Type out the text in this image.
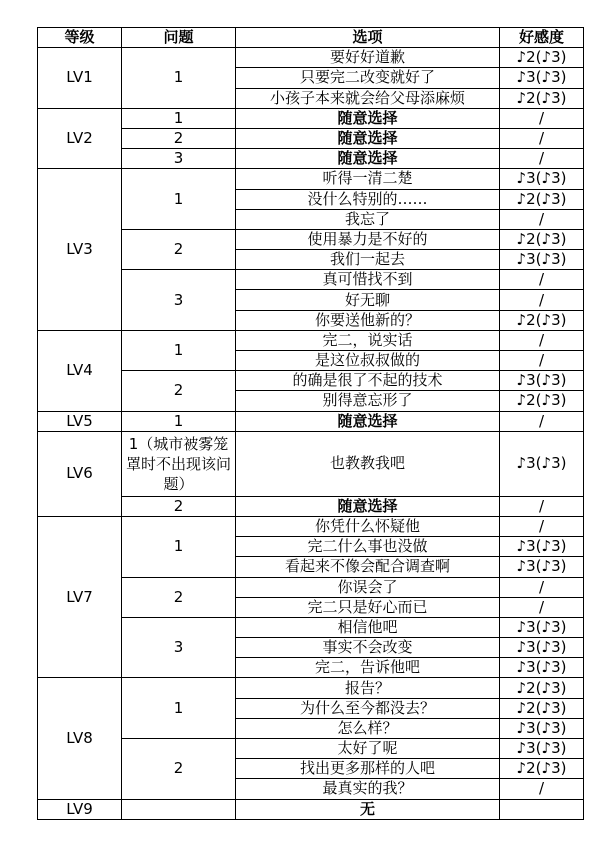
等级	问题	选项	好感度
LV1	1	要好好道歉	♪2(♪3)
		只要完二改变就好了	♪3(♪3)
		小孩子本来就会给父母添麻烦	♪2(♪3)
LV2	1	随意选择	/
	2	随意选择	/
	3	随意选择	/
LV3	1	听得一清二楚	♪3(♪3)
		没什么特别的……	♪2(♪3)
		我忘了	/
	2	使用暴力是不好的	♪2(♪3)
		我们一起去	♪3(♪3)
	3	真可惜找不到	/
		好无聊	/
		你要送他新的？	♪2(♪3)
LV4	1	完二，说实话	/
		是这位叔叔做的	/
	2	的确是很了不起的技术	♪3(♪3)
		别得意忘形了	♪2(♪3)
LV5	1	随意选择	/
LV6	1（城市被雾笼罩时不出现该问题）	也教教我吧	♪3(♪3)
	2	随意选择	/
LV7	1	你凭什么怀疑他	/
		完二什么事也没做	♪3(♪3)
		看起来不像会配合调查啊	♪3(♪3)
	2	你误会了	/
		完二只是好心而已	/
	3	相信他吧	♪3(♪3)
		事实不会改变	♪3(♪3)
		完二，告诉他吧	♪3(♪3)
LV8	1	报告？	♪2(♪3)
		为什么至今都没去？	♪2(♪3)
		怎么样？	♪3(♪3)
	2	太好了呢	♪3(♪3)
		找出更多那样的人吧	♪2(♪3)
		最真实的我？	/
LV9		无	
